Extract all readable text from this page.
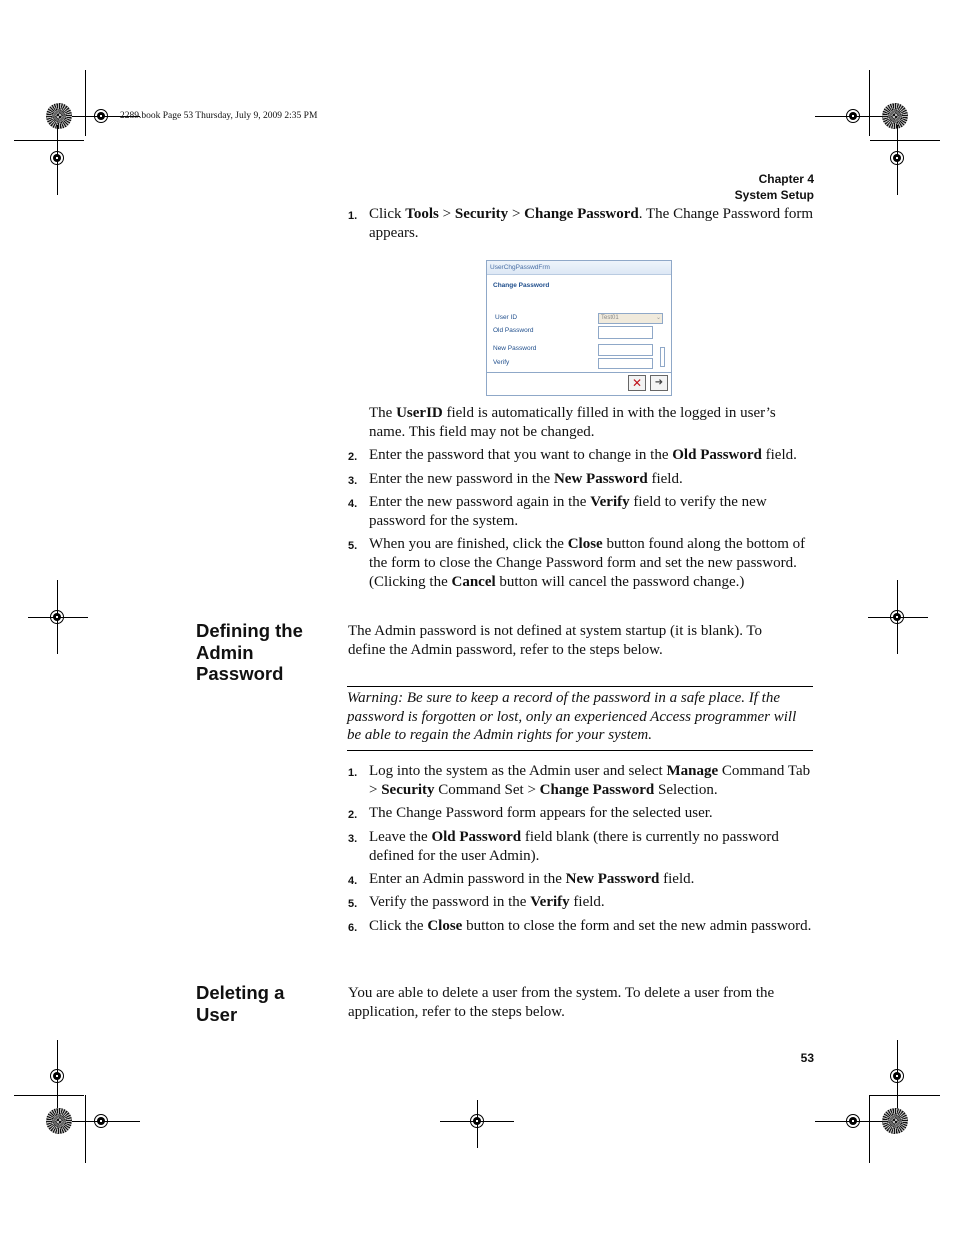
2289.book Page 53 Thursday, July 9, 2009 2:35 PM
Chapter 4
System Setup
1. Click Tools > Security > Change Password. The Change Password form appears.
UserChgPasswdFrm
Change Password
User ID	Test01	⌄
Old Password
New Password
Verify
✕	➜
The UserID field is automatically filled in with the logged in user’s name. This field may not be changed.
2. Enter the password that you want to change in the Old Password field.
3. Enter the new password in the New Password field.
4. Enter the new password again in the Verify field to verify the new password for the system.
5. When you are finished, click the Close button found along the bottom of the form to close the Change Password form and set the new password. (Clicking the Cancel button will cancel the password change.)
Defining the Admin Password
The Admin password is not defined at system startup (it is blank). To define the Admin password, refer to the steps below.
Warning: Be sure to keep a record of the password in a safe place. If the password is forgotten or lost, only an experienced Access programmer will be able to regain the Admin rights for your system.
1. Log into the system as the Admin user and select Manage Command Tab > Security Command Set > Change Password Selection.
2. The Change Password form appears for the selected user.
3. Leave the Old Password field blank (there is currently no password defined for the user Admin).
4. Enter an Admin password in the New Password field.
5. Verify the password in the Verify field.
6. Click the Close button to close the form and set the new admin password.
Deleting a User
You are able to delete a user from the system. To delete a user from the application, refer to the steps below.
53
